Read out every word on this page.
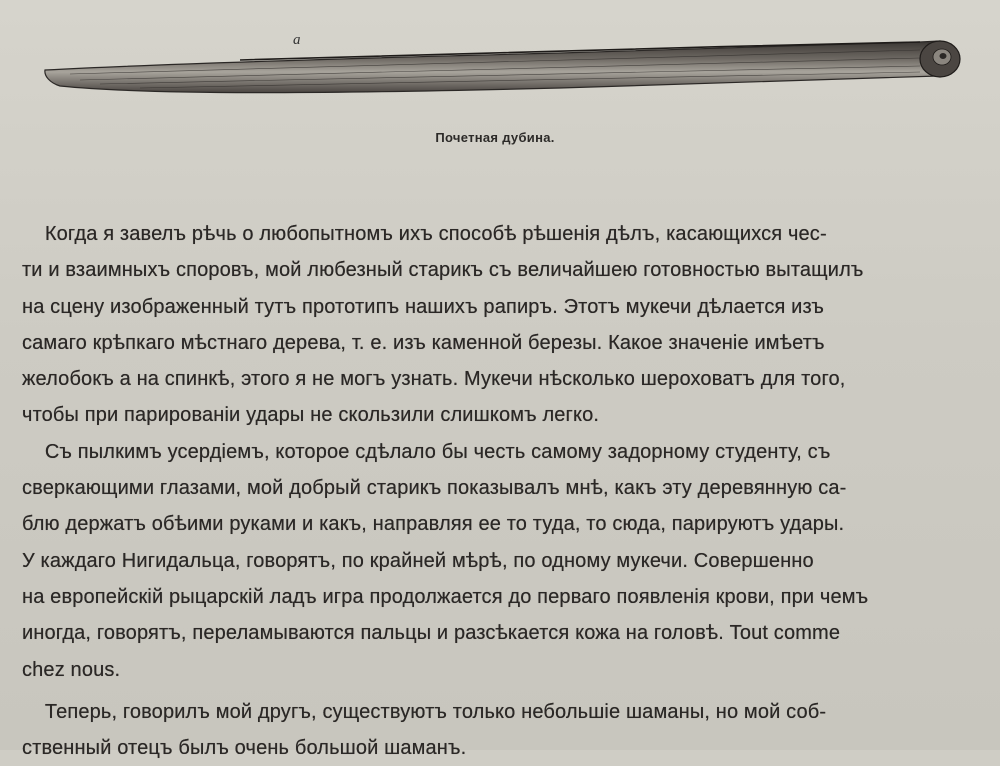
a
Почетная дубина.
Когда я завелъ рѣчь о любопытномъ ихъ способѣ рѣшенія дѣлъ, касающихся чес-
ти и взаимныхъ споровъ, мой любезный старикъ съ величайшею готовностью вытащилъ
на сцену изображенный тутъ прототипъ нашихъ рапиръ. Этотъ мукечи дѣлается изъ
самаго крѣпкаго мѣстнаго дерева, т. е. изъ каменной березы. Какое значеніе имѣетъ
желобокъ a на спинкѣ, этого я не могъ узнать. Мукечи нѣсколько шероховатъ для того,
чтобы при парированіи удары не скользили слишкомъ легко.
Съ пылкимъ усердіемъ, которое сдѣлало бы честь самому задорному студенту, съ
сверкающими глазами, мой добрый старикъ показывалъ мнѣ, какъ эту деревянную са-
блю держатъ обѣими руками и какъ, направляя ее то туда, то сюда, парируютъ удары.
У каждаго Нигидальца, говорятъ, по крайней мѣрѣ, по одному мукечи. Совершенно
на европейскій рыцарскій ладъ игра продолжается до перваго появленія крови, при чемъ
иногда, говорятъ, переламываются пальцы и разсѣкается кожа на головѣ. Tout comme
chez nous.
Теперь, говорилъ мой другъ, существуютъ только небольшіе шаманы, но мой соб-
ственный отецъ былъ очень большой шаманъ.
